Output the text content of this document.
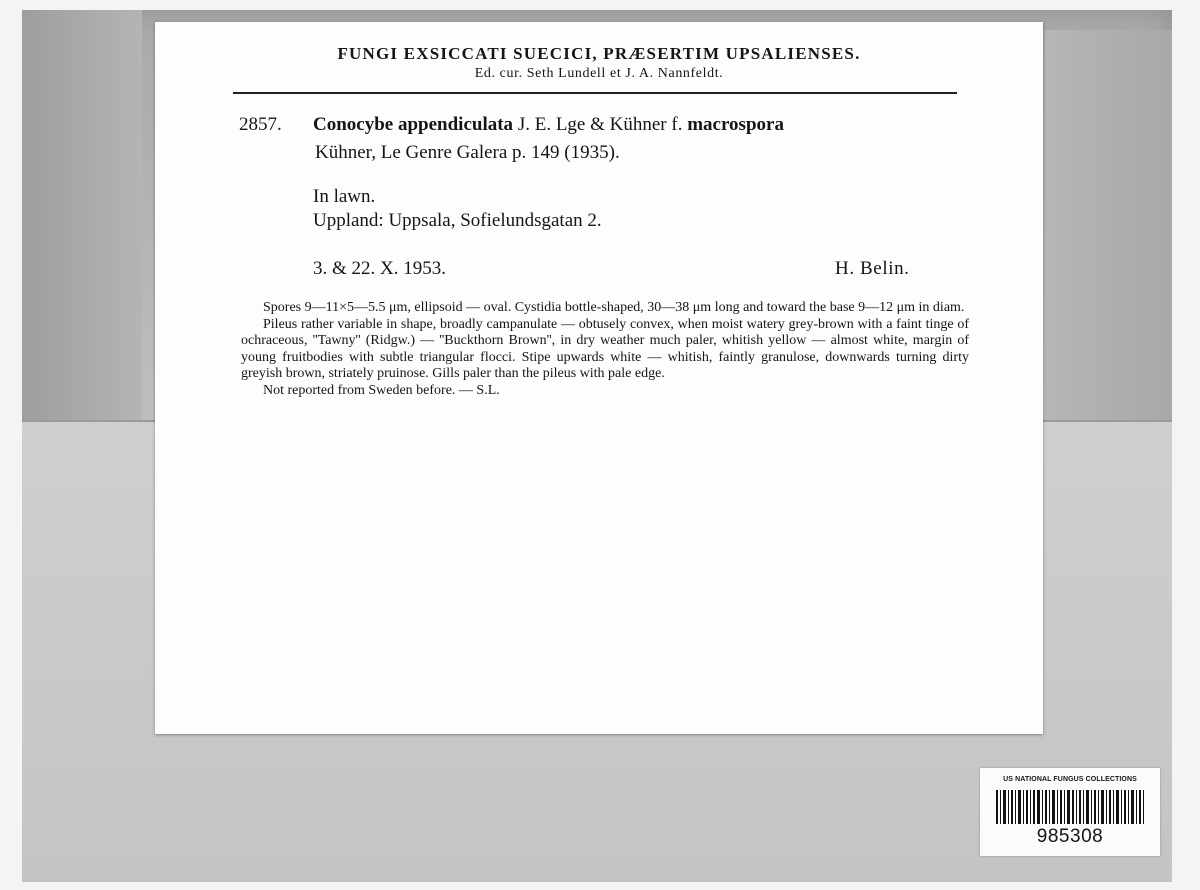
FUNGI EXSICCATI SUECICI, PRÆSERTIM UPSALIENSES.
Ed. cur. Seth Lundell et J. A. Nannfeldt.
2857. Conocybe appendiculata J. E. Lge & Kühner f. macrospora
Kühner, Le Genre Galera p. 149 (1935).
In lawn.
Uppland: Uppsala, Sofielundsgatan 2.
3. & 22. X. 1953.	H. Belin.

Spores 9—11×5—5.5 μm, ellipsoid — oval. Cystidia bottle-shaped, 30—38 μm long and toward the base 9—12 μm in diam.

Pileus rather variable in shape, broadly campanulate — obtusely convex, when moist watery grey-brown with a faint tinge of ochraceous, ''Tawny'' (Ridgw.) — ''Buckthorn Brown'', in dry weather much paler, whitish yellow — almost white, margin of young fruitbodies with subtle triangular flocci. Stipe upwards white — whitish, faintly granulose, downwards turning dirty greyish brown, striately pruinose. Gills paler than the pileus with pale edge.

Not reported from Sweden before. — S.L.

US NATIONAL FUNGUS COLLECTIONS
985308
